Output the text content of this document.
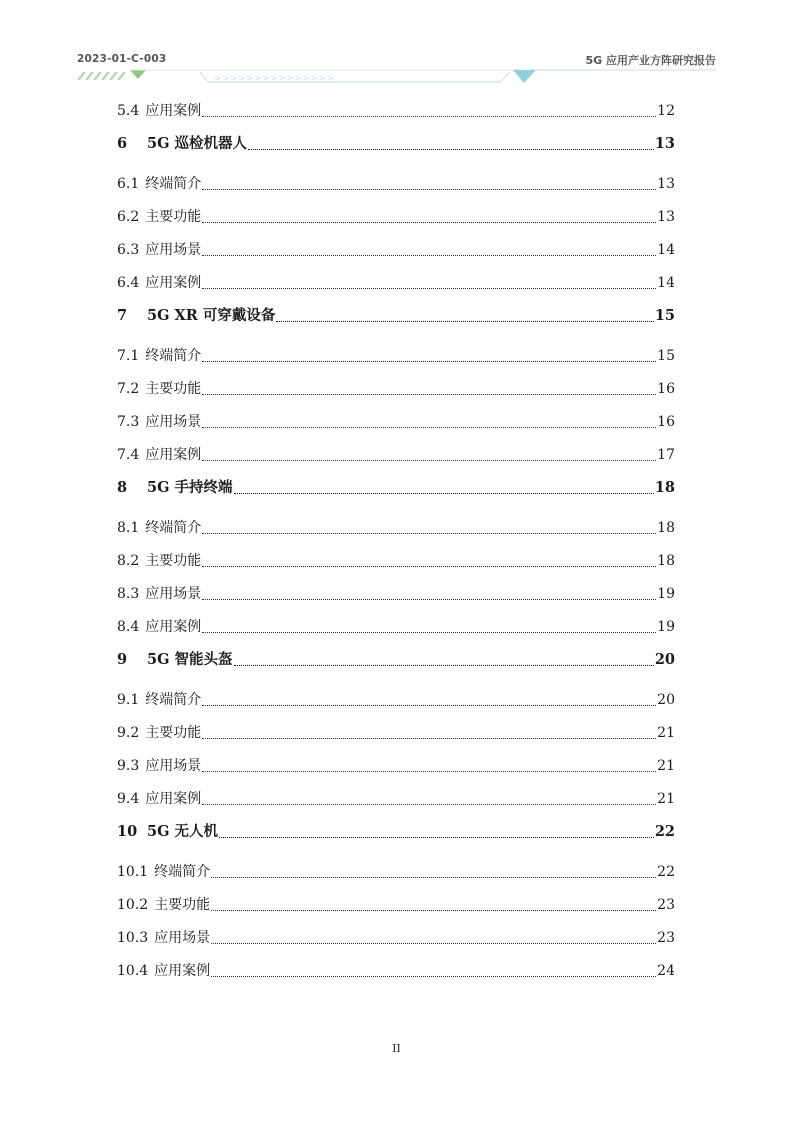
>>>>>>>>>>>>>>>
2023-01-C-003	5G 应用产业方阵研究报告
5.4 应用案例	12
6	5G 巡检机器人	13
6.1 终端简介	13
6.2 主要功能	13
6.3 应用场景	14
6.4 应用案例	14
7	5G XR 可穿戴设备	15
7.1 终端简介	15
7.2 主要功能	16
7.3 应用场景	16
7.4 应用案例	17
8	5G 手持终端	18
8.1 终端简介	18
8.2 主要功能	18
8.3 应用场景	19
8.4 应用案例	19
9	5G 智能头盔	20
9.1 终端简介	20
9.2 主要功能	21
9.3 应用场景	21
9.4 应用案例	21
10 5G 无人机	22
10.1 终端简介	22
10.2 主要功能	23
10.3 应用场景	23
10.4 应用案例	24
II
